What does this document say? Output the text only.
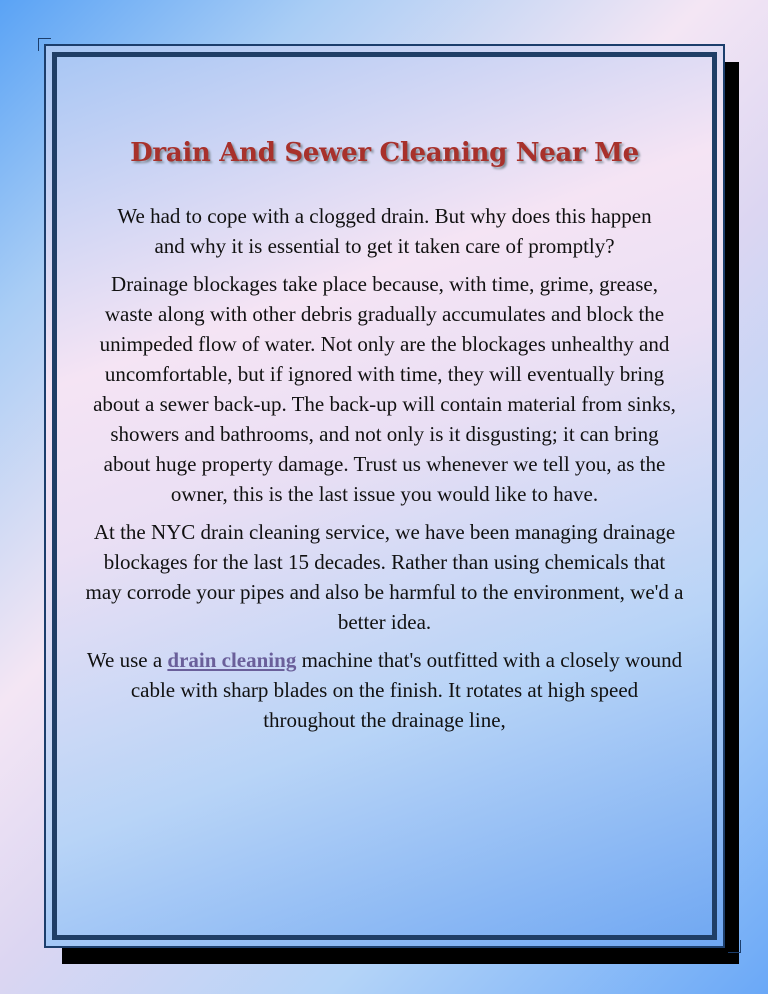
Drain And Sewer Cleaning Near Me

We had to cope with a clogged drain. But why does this happen and why it is essential to get it taken care of promptly?

Drainage blockages take place because, with time, grime, grease, waste along with other debris gradually accumulates and block the unimpeded flow of water. Not only are the blockages unhealthy and uncomfortable, but if ignored with time, they will eventually bring about a sewer back-up. The back-up will contain material from sinks, showers and bathrooms, and not only is it disgusting; it can bring about huge property damage. Trust us whenever we tell you, as the owner, this is the last issue you would like to have.

At the NYC drain cleaning service, we have been managing drainage blockages for the last 15 decades. Rather than using chemicals that may corrode your pipes and also be harmful to the environment, we'd a better idea.

We use a drain cleaning machine that's outfitted with a closely wound cable with sharp blades on the finish. It rotates at high speed throughout the drainage line,
